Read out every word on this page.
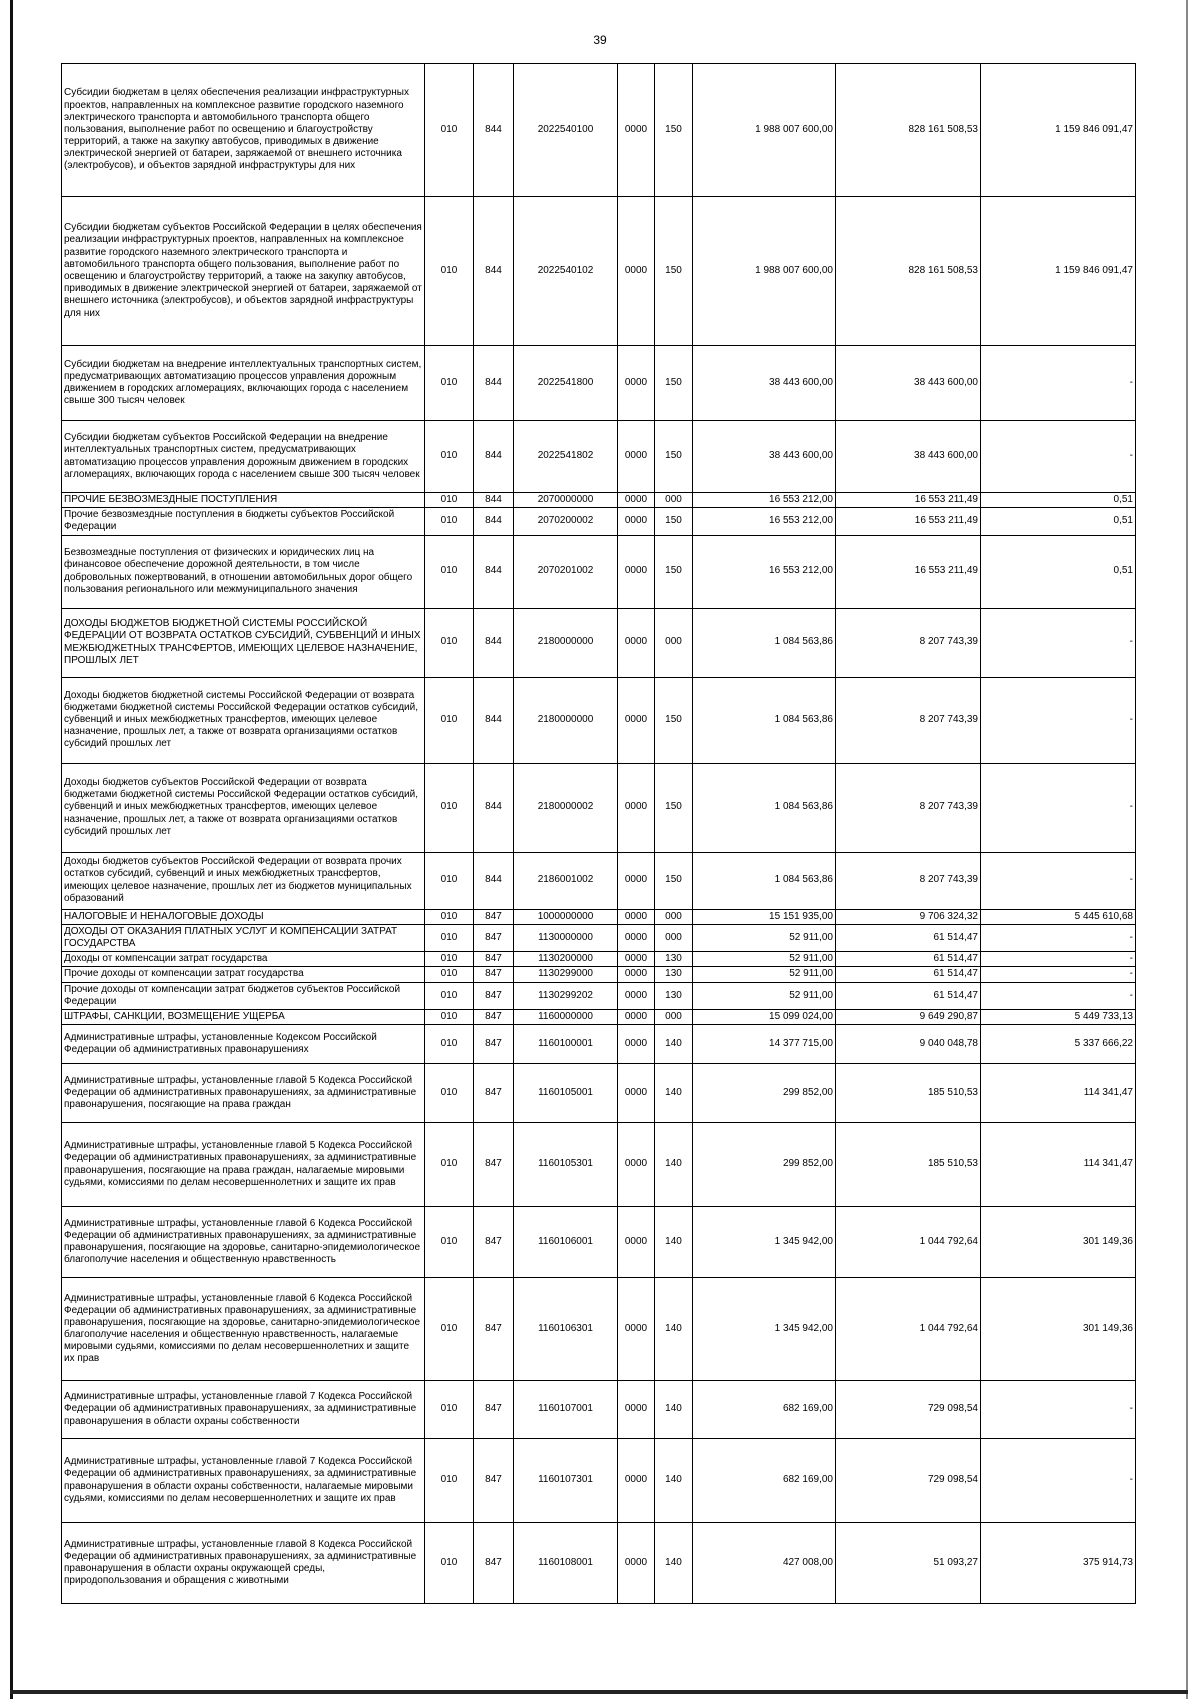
39
Субсидии бюджетам в целях обеспечения реализации инфраструктурных проектов, направленных на комплексное развитие городского наземного электрического транспорта и автомобильного транспорта общего пользования, выполнение работ по освещению и благоустройству территорий, а также на закупку автобусов, приводимых в движение электрической энергией от батареи, заряжаемой от внешнего источника (электробусов), и объектов зарядной инфраструктуры для них	010	844	2022540100	0000	150	1 988 007 600,00	828 161 508,53	1 159 846 091,47
Субсидии бюджетам субъектов Российской Федерации в целях обеспечения реализации инфраструктурных проектов, направленных на комплексное развитие городского наземного электрического транспорта и автомобильного транспорта общего пользования, выполнение работ по освещению и благоустройству территорий, а также на закупку автобусов, приводимых в движение электрической энергией от батареи, заряжаемой от внешнего источника (электробусов), и объектов зарядной инфраструктуры для них	010	844	2022540102	0000	150	1 988 007 600,00	828 161 508,53	1 159 846 091,47
Субсидии бюджетам на внедрение интеллектуальных транспортных систем, предусматривающих автоматизацию процессов управления дорожным движением в городских агломерациях, включающих города с населением свыше 300 тысяч человек	010	844	2022541800	0000	150	38 443 600,00	38 443 600,00	-
Субсидии бюджетам субъектов Российской Федерации на внедрение интеллектуальных транспортных систем, предусматривающих автоматизацию процессов управления дорожным движением в городских агломерациях, включающих города с населением свыше 300 тысяч человек	010	844	2022541802	0000	150	38 443 600,00	38 443 600,00	-
ПРОЧИЕ БЕЗВОЗМЕЗДНЫЕ ПОСТУПЛЕНИЯ	010	844	2070000000	0000	000	16 553 212,00	16 553 211,49	0,51
Прочие безвозмездные поступления в бюджеты субъектов Российской Федерации	010	844	2070200002	0000	150	16 553 212,00	16 553 211,49	0,51
Безвозмездные поступления от физических и юридических лиц на финансовое обеспечение дорожной деятельности, в том числе добровольных пожертвований, в отношении автомобильных дорог общего пользования регионального или межмуниципального значения	010	844	2070201002	0000	150	16 553 212,00	16 553 211,49	0,51
ДОХОДЫ БЮДЖЕТОВ БЮДЖЕТНОЙ СИСТЕМЫ РОССИЙСКОЙ ФЕДЕРАЦИИ ОТ ВОЗВРАТА ОСТАТКОВ СУБСИДИЙ, СУБВЕНЦИЙ И ИНЫХ МЕЖБЮДЖЕТНЫХ ТРАНСФЕРТОВ, ИМЕЮЩИХ ЦЕЛЕВОЕ НАЗНАЧЕНИЕ, ПРОШЛЫХ ЛЕТ	010	844	2180000000	0000	000	1 084 563,86	8 207 743,39	-
Доходы бюджетов бюджетной системы Российской Федерации от возврата бюджетами бюджетной системы Российской Федерации остатков субсидий, субвенций и иных межбюджетных трансфертов, имеющих целевое назначение, прошлых лет, а также от возврата организациями остатков субсидий прошлых лет	010	844	2180000000	0000	150	1 084 563,86	8 207 743,39	-
Доходы бюджетов субъектов Российской Федерации от возврата бюджетами бюджетной системы Российской Федерации остатков субсидий, субвенций и иных межбюджетных трансфертов, имеющих целевое назначение, прошлых лет, а также от возврата организациями остатков субсидий прошлых лет	010	844	2180000002	0000	150	1 084 563,86	8 207 743,39	-
Доходы бюджетов субъектов Российской Федерации от возврата прочих остатков субсидий, субвенций и иных межбюджетных трансфертов, имеющих целевое назначение, прошлых лет из бюджетов муниципальных образований	010	844	2186001002	0000	150	1 084 563,86	8 207 743,39	-
НАЛОГОВЫЕ И НЕНАЛОГОВЫЕ ДОХОДЫ	010	847	1000000000	0000	000	15 151 935,00	9 706 324,32	5 445 610,68
ДОХОДЫ ОТ ОКАЗАНИЯ ПЛАТНЫХ УСЛУГ И КОМПЕНСАЦИИ ЗАТРАТ ГОСУДАРСТВА	010	847	1130000000	0000	000	52 911,00	61 514,47	-
Доходы от компенсации затрат государства	010	847	1130200000	0000	130	52 911,00	61 514,47	-
Прочие доходы от компенсации затрат государства	010	847	1130299000	0000	130	52 911,00	61 514,47	-
Прочие доходы от компенсации затрат бюджетов субъектов Российской Федерации	010	847	1130299202	0000	130	52 911,00	61 514,47	-
ШТРАФЫ, САНКЦИИ, ВОЗМЕЩЕНИЕ УЩЕРБА	010	847	1160000000	0000	000	15 099 024,00	9 649 290,87	5 449 733,13
Административные штрафы, установленные Кодексом Российской Федерации об административных правонарушениях	010	847	1160100001	0000	140	14 377 715,00	9 040 048,78	5 337 666,22
Административные штрафы, установленные главой 5 Кодекса Российской Федерации об административных правонарушениях, за административные правонарушения, посягающие на права граждан	010	847	1160105001	0000	140	299 852,00	185 510,53	114 341,47
Административные штрафы, установленные главой 5 Кодекса Российской Федерации об административных правонарушениях, за административные правонарушения, посягающие на права граждан, налагаемые мировыми судьями, комиссиями по делам несовершеннолетних и защите их прав	010	847	1160105301	0000	140	299 852,00	185 510,53	114 341,47
Административные штрафы, установленные главой 6 Кодекса Российской Федерации об административных правонарушениях, за административные правонарушения, посягающие на здоровье, санитарно-эпидемиологическое благополучие населения и общественную нравственность	010	847	1160106001	0000	140	1 345 942,00	1 044 792,64	301 149,36
Административные штрафы, установленные главой 6 Кодекса Российской Федерации об административных правонарушениях, за административные правонарушения, посягающие на здоровье, санитарно-эпидемиологическое благополучие населения и общественную нравственность, налагаемые мировыми судьями, комиссиями по делам несовершеннолетних и защите их прав	010	847	1160106301	0000	140	1 345 942,00	1 044 792,64	301 149,36
Административные штрафы, установленные главой 7 Кодекса Российской Федерации об административных правонарушениях, за административные правонарушения в области охраны собственности	010	847	1160107001	0000	140	682 169,00	729 098,54	-
Административные штрафы, установленные главой 7 Кодекса Российской Федерации об административных правонарушениях, за административные правонарушения в области охраны собственности, налагаемые мировыми судьями, комиссиями по делам несовершеннолетних и защите их прав	010	847	1160107301	0000	140	682 169,00	729 098,54	-
Административные штрафы, установленные главой 8 Кодекса Российской Федерации об административных правонарушениях, за административные правонарушения в области охраны окружающей среды, природопользования и обращения с животными	010	847	1160108001	0000	140	427 008,00	51 093,27	375 914,73
